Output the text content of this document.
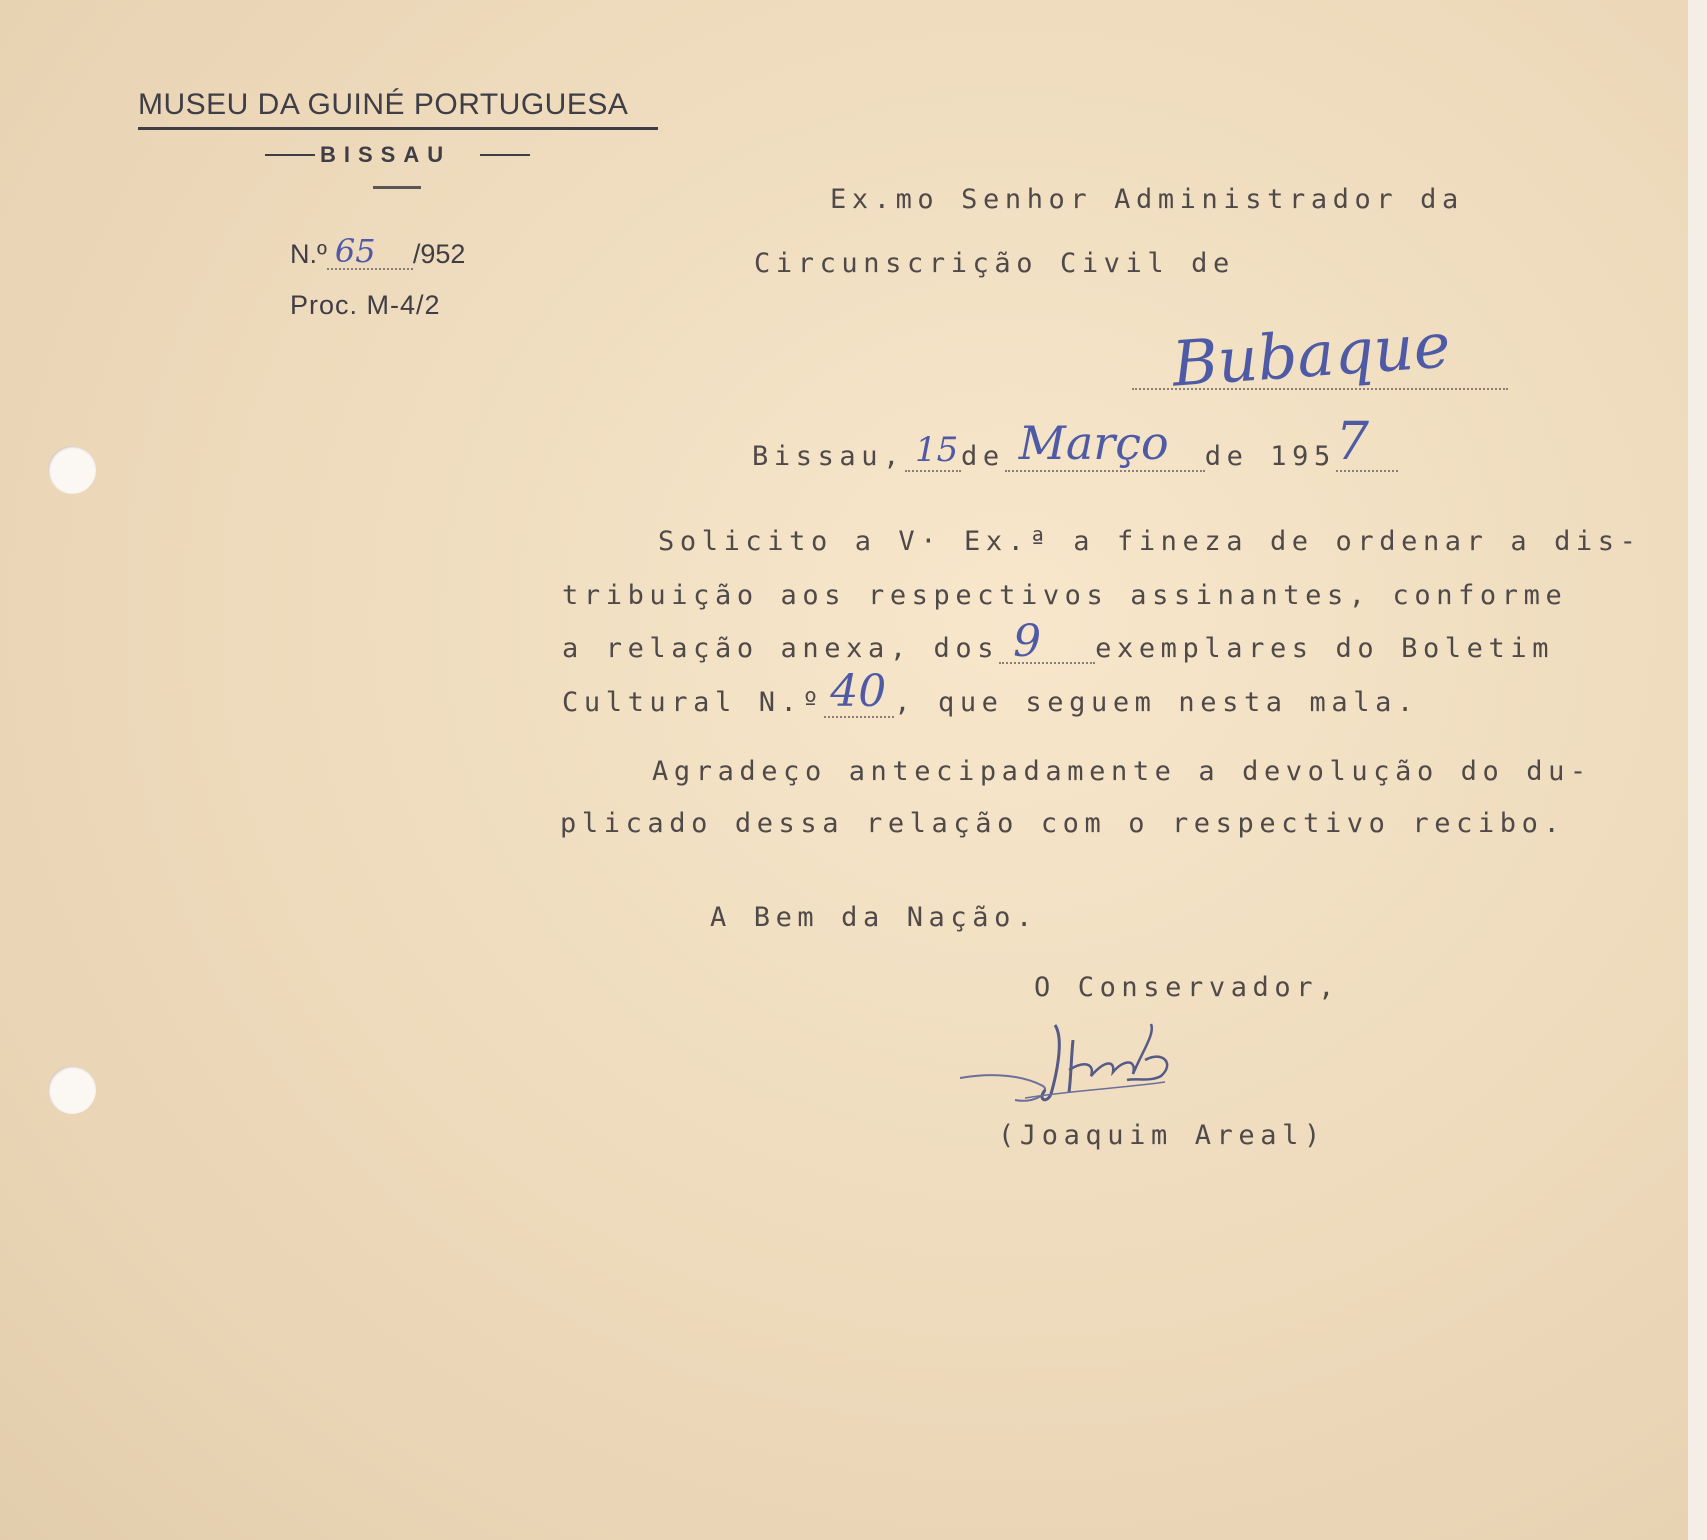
MUSEU DA GUINÉ PORTUGUESA
BISSAU
N.º 65 /952
Proc. M-4/2
Ex.mo Senhor Administrador da
Circunscrição Civil de
Bubaque
Bissau, 15 de Março de 195 7
Solicito a V· Ex.ª a fineza de ordenar a dis-
tribuição aos respectivos assinantes, conforme
a relação anexa, dos 9 exemplares do Boletim
Cultural N.º 40 , que seguem nesta mala.
Agradeço antecipadamente a devolução do du-
plicado dessa relação com o respectivo recibo.
A Bem da Nação.
O Conservador,
(Joaquim Areal)
